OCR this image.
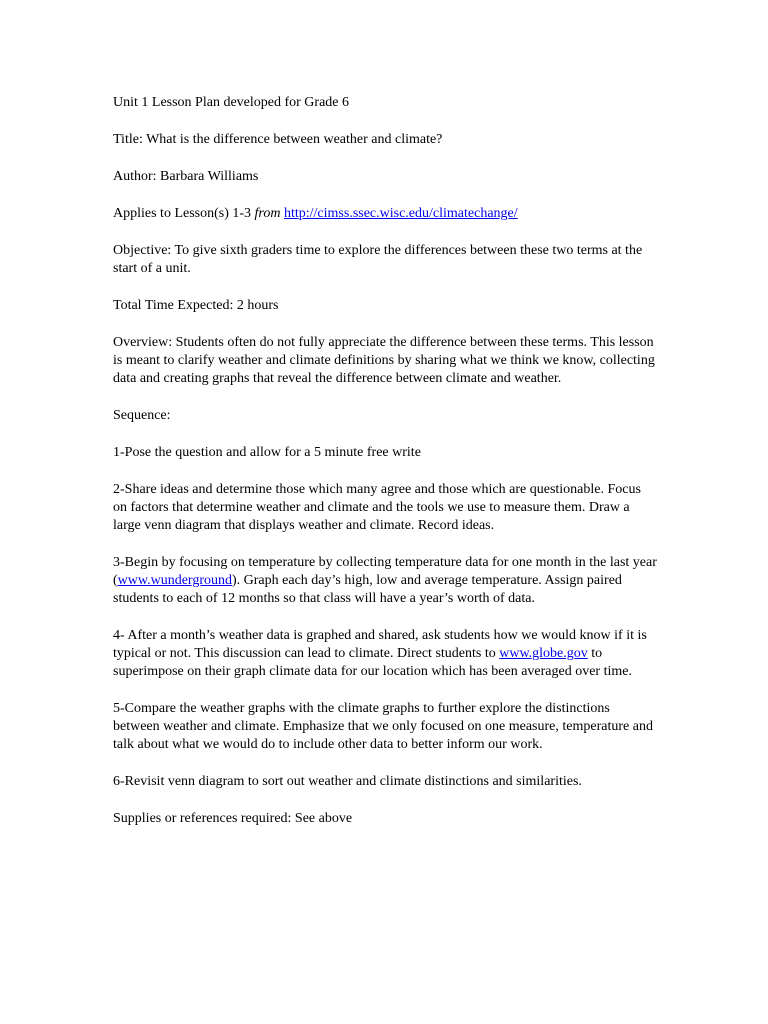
Unit 1 Lesson Plan developed for Grade 6

Title: What is the difference between weather and climate?

Author: Barbara Williams

Applies to Lesson(s) 1-3 from http://cimss.ssec.wisc.edu/climatechange/

Objective: To give sixth graders time to explore the differences between these two terms at the start of a unit.

Total Time Expected: 2 hours

Overview: Students often do not fully appreciate the difference between these terms. This lesson is meant to clarify weather and climate definitions by sharing what we think we know, collecting data and creating graphs that reveal the difference between climate and weather.

Sequence:

1-Pose the question and allow for a 5 minute free write

2-Share ideas and determine those which many agree and those which are questionable. Focus on factors that determine weather and climate and the tools we use to measure them. Draw a large venn diagram that displays weather and climate. Record ideas.

3-Begin by focusing on temperature by collecting temperature data for one month in the last year (www.wunderground). Graph each day’s high, low and average temperature. Assign paired students to each of 12 months so that class will have a year’s worth of data.

4- After a month’s weather data is graphed and shared, ask students how we would know if it is typical or not. This discussion can lead to climate. Direct students to www.globe.gov to superimpose on their graph climate data for our location which has been averaged over time.

5-Compare the weather graphs with the climate graphs to further explore the distinctions between weather and climate. Emphasize that we only focused on one measure, temperature and talk about what we would do to include other data to better inform our work.

6-Revisit venn diagram to sort out weather and climate distinctions and similarities.

Supplies or references required: See above
